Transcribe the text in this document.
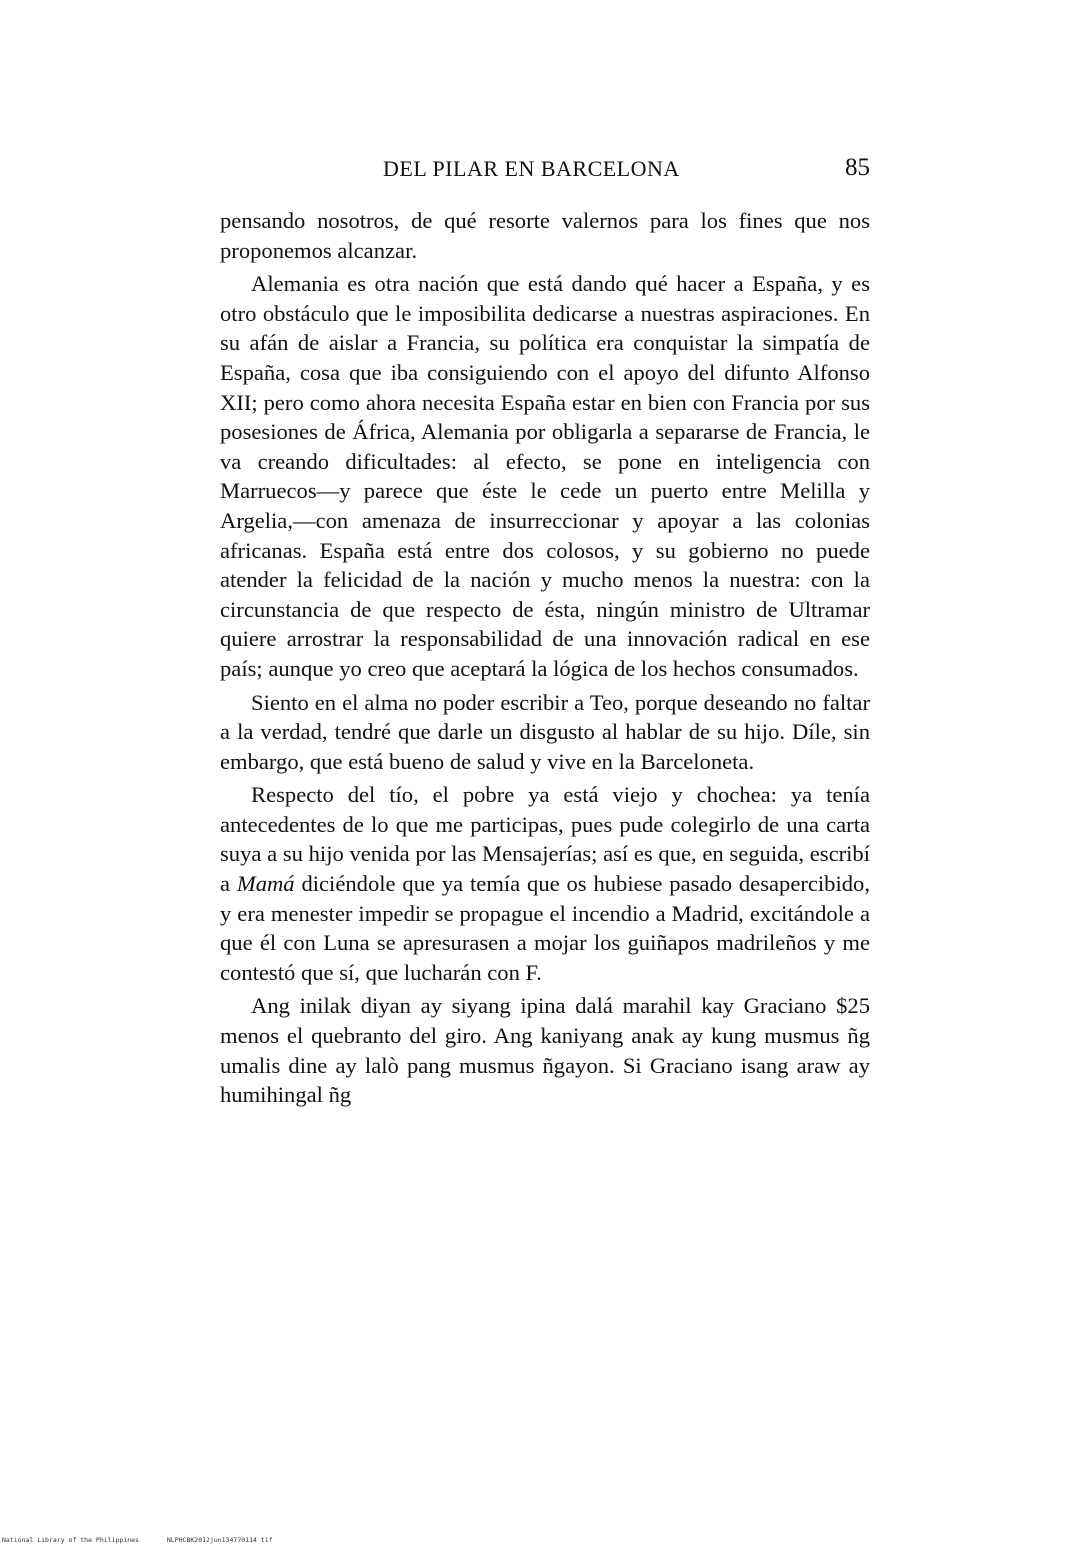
DEL PILAR EN BARCELONA	85

pensando nosotros, de qué resorte valernos para los fines que nos proponemos alcanzar.

Alemania es otra nación que está dando qué hacer a España, y es otro obstáculo que le imposibilita dedicarse a nuestras aspiraciones. En su afán de aislar a Francia, su política era conquistar la simpatía de España, cosa que iba consiguiendo con el apoyo del difunto Alfonso XII; pero como ahora necesita España estar en bien con Francia por sus posesiones de África, Alemania por obligarla a separarse de Francia, le va creando dificultades: al efecto, se pone en inteligencia con Marruecos—y parece que éste le cede un puerto entre Melilla y Argelia,—con amenaza de insurreccionar y apoyar a las colonias africanas. España está entre dos colosos, y su gobierno no puede atender la felicidad de la nación y mucho menos la nuestra: con la circunstancia de que respecto de ésta, ningún ministro de Ultramar quiere arrostrar la responsabilidad de una innovación radical en ese país; aunque yo creo que aceptará la lógica de los hechos consumados.

Siento en el alma no poder escribir a Teo, porque deseando no faltar a la verdad, tendré que darle un disgusto al hablar de su hijo. Díle, sin embargo, que está bueno de salud y vive en la Barceloneta.

Respecto del tío, el pobre ya está viejo y chochea: ya tenía antecedentes de lo que me participas, pues pude colegirlo de una carta suya a su hijo venida por las Mensajerías; así es que, en seguida, escribí a Mamá diciéndole que ya temía que os hubiese pasado desapercibido, y era menester impedir se propague el incendio a Madrid, excitándole a que él con Luna se apresurasen a mojar los guiñapos madrileños y me contestó que sí, que lucharán con F.

Ang inilak diyan ay siyang ipina dalá marahil kay Graciano $25 menos el quebranto del giro. Ang kaniyang anak ay kung musmus ñg umalis dine ay lalò pang musmus ñgayon. Si Graciano isang araw ay humihingal ñg

National Library of the Philippines	NLPHCBK2012jun134770114 tif
